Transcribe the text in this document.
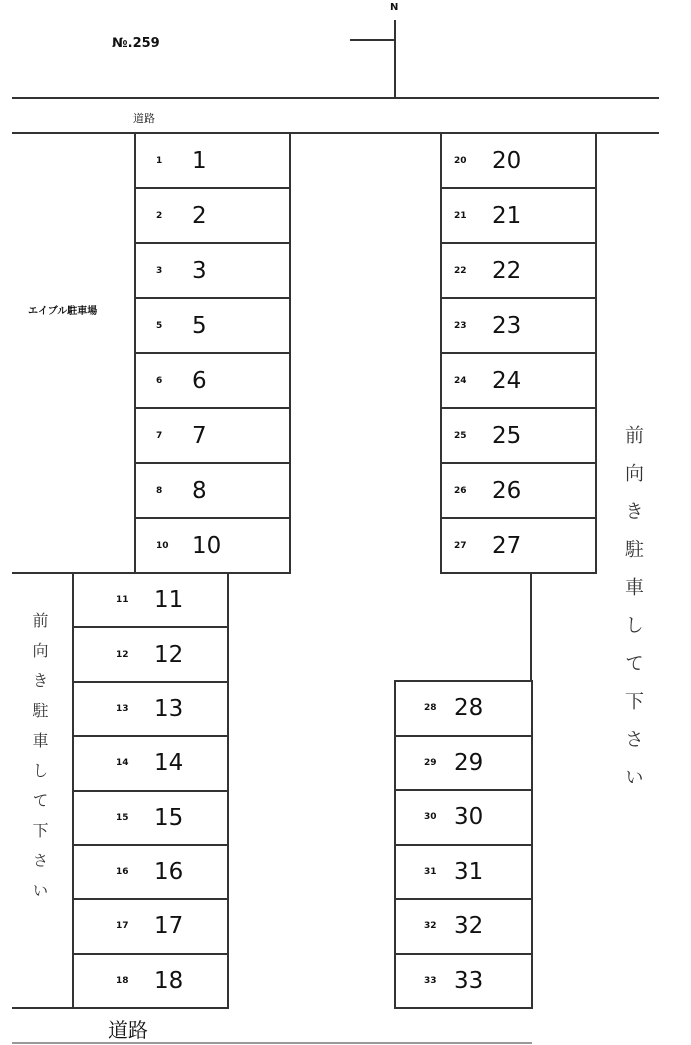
№.259
N
道路
エイブル駐車場
1 1
2 2
3 3
5 5
6 6
7 7
8 8
10 10
20 20
21 21
22 22
23 23
24 24
25 25
26 26
27 27
11 11
12 12
13 13
14 14
15 15
16 16
17 17
18 18
28 28
29 29
30 30
31 31
32 32
33 33
道路
前向き駐車して下さい	前向き駐車して下さい
